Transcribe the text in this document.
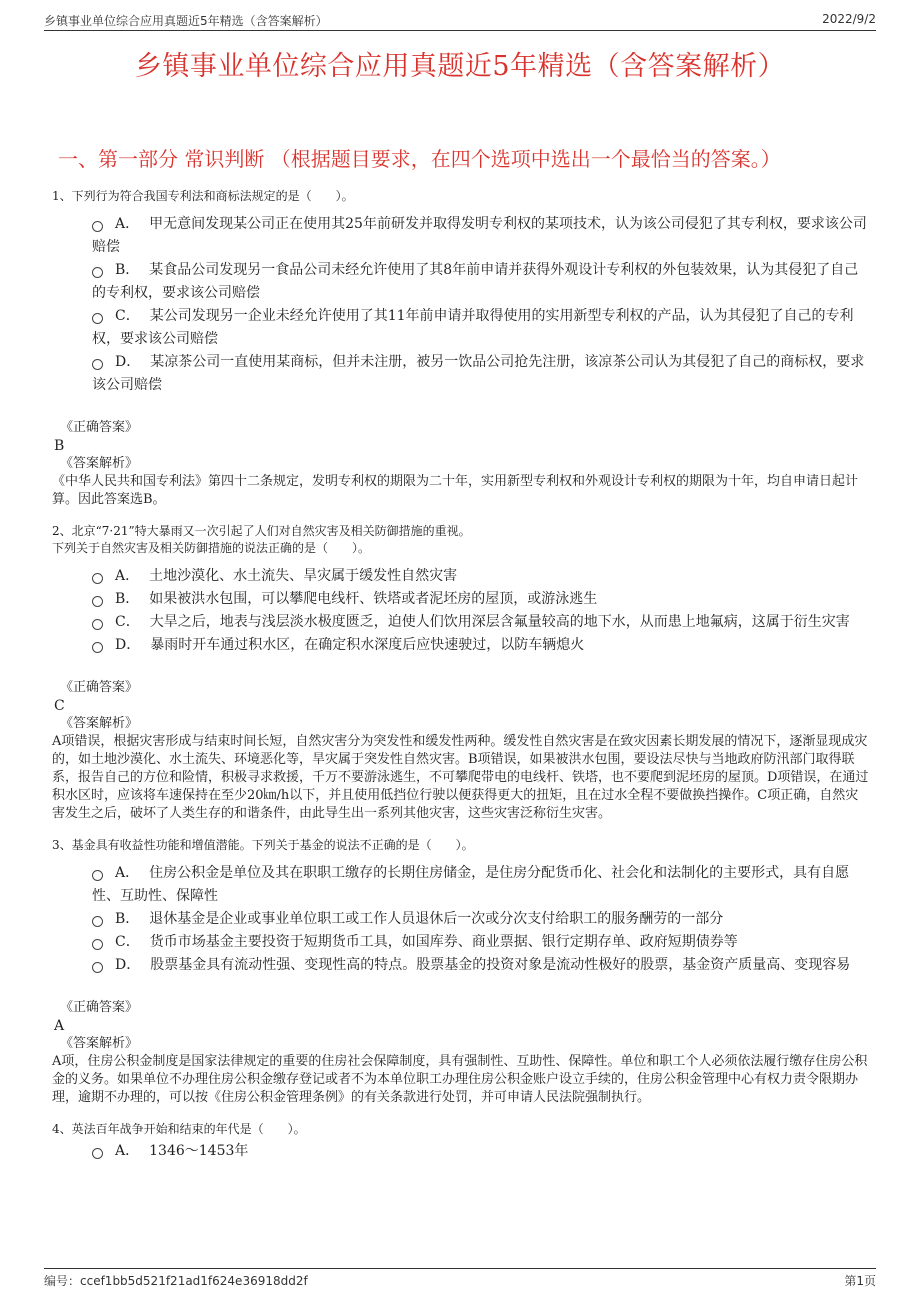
乡镇事业单位综合应用真题近5年精选（含答案解析）	2022/9/2
乡镇事业单位综合应用真题近5年精选（含答案解析）
一、第一部分 常识判断 （根据题目要求，在四个选项中选出一个最恰当的答案。）
1、下列行为符合我国专利法和商标法规定的是（　　）。
A． 甲无意间发现某公司正在使用其25年前研发并取得发明专利权的某项技术，认为该公司侵犯了其专利权，要求该公司赔偿
B． 某食品公司发现另一食品公司未经允许使用了其8年前申请并获得外观设计专利权的外包装效果，认为其侵犯了自己的专利权，要求该公司赔偿
C． 某公司发现另一企业未经允许使用了其11年前申请并取得使用的实用新型专利权的产品，认为其侵犯了自己的专利权，要求该公司赔偿
D． 某凉茶公司一直使用某商标，但并未注册，被另一饮品公司抢先注册，该凉茶公司认为其侵犯了自己的商标权，要求该公司赔偿
《正确答案》
B
《答案解析》
《中华人民共和国专利法》第四十二条规定，发明专利权的期限为二十年，实用新型专利权和外观设计专利权的期限为十年，均自申请日起计算。因此答案选B。
2、北京“7·21”特大暴雨又一次引起了人们对自然灾害及相关防御措施的重视。
下列关于自然灾害及相关防御措施的说法正确的是（　　）。
A． 土地沙漠化、水土流失、旱灾属于缓发性自然灾害
B． 如果被洪水包围，可以攀爬电线杆、铁塔或者泥坯房的屋顶，或游泳逃生
C． 大旱之后，地表与浅层淡水极度匮乏，迫使人们饮用深层含氟量较高的地下水，从而患上地氟病，这属于衍生灾害
D． 暴雨时开车通过积水区，在确定积水深度后应快速驶过，以防车辆熄火
《正确答案》
C
《答案解析》
A项错误，根据灾害形成与结束时间长短，自然灾害分为突发性和缓发性两种。缓发性自然灾害是在致灾因素长期发展的情况下，逐渐显现成灾的，如土地沙漠化、水土流失、环境恶化等，旱灾属于突发性自然灾害。B项错误，如果被洪水包围，要设法尽快与当地政府防汛部门取得联系，报告自己的方位和险情，积极寻求救援，千万不要游泳逃生，不可攀爬带电的电线杆、铁塔，也不要爬到泥坯房的屋顶。D项错误，在通过积水区时，应该将车速保持在至少20㎞/h以下，并且使用低挡位行驶以便获得更大的扭矩，且在过水全程不要做换挡操作。C项正确，自然灾害发生之后，破坏了人类生存的和谐条件，由此导生出一系列其他灾害，这些灾害泛称衍生灾害。
3、基金具有收益性功能和增值潜能。下列关于基金的说法不正确的是（　　）。
A． 住房公积金是单位及其在职职工缴存的长期住房储金，是住房分配货币化、社会化和法制化的主要形式，具有自愿性、互助性、保障性
B． 退休基金是企业或事业单位职工或工作人员退休后一次或分次支付给职工的服务酬劳的一部分
C． 货币市场基金主要投资于短期货币工具，如国库券、商业票据、银行定期存单、政府短期债券等
D． 股票基金具有流动性强、变现性高的特点。股票基金的投资对象是流动性极好的股票，基金资产质量高、变现容易
《正确答案》
A
《答案解析》
A项，住房公积金制度是国家法律规定的重要的住房社会保障制度，具有强制性、互助性、保障性。单位和职工个人必须依法履行缴存住房公积金的义务。如果单位不办理住房公积金缴存登记或者不为本单位职工办理住房公积金账户设立手续的，住房公积金管理中心有权力责令限期办理，逾期不办理的，可以按《住房公积金管理条例》的有关条款进行处罚，并可申请人民法院强制执行。
4、英法百年战争开始和结束的年代是（　　）。
A． 1346～1453年
编号：ccef1bb5d521f21ad1f624e36918dd2f	第1页
